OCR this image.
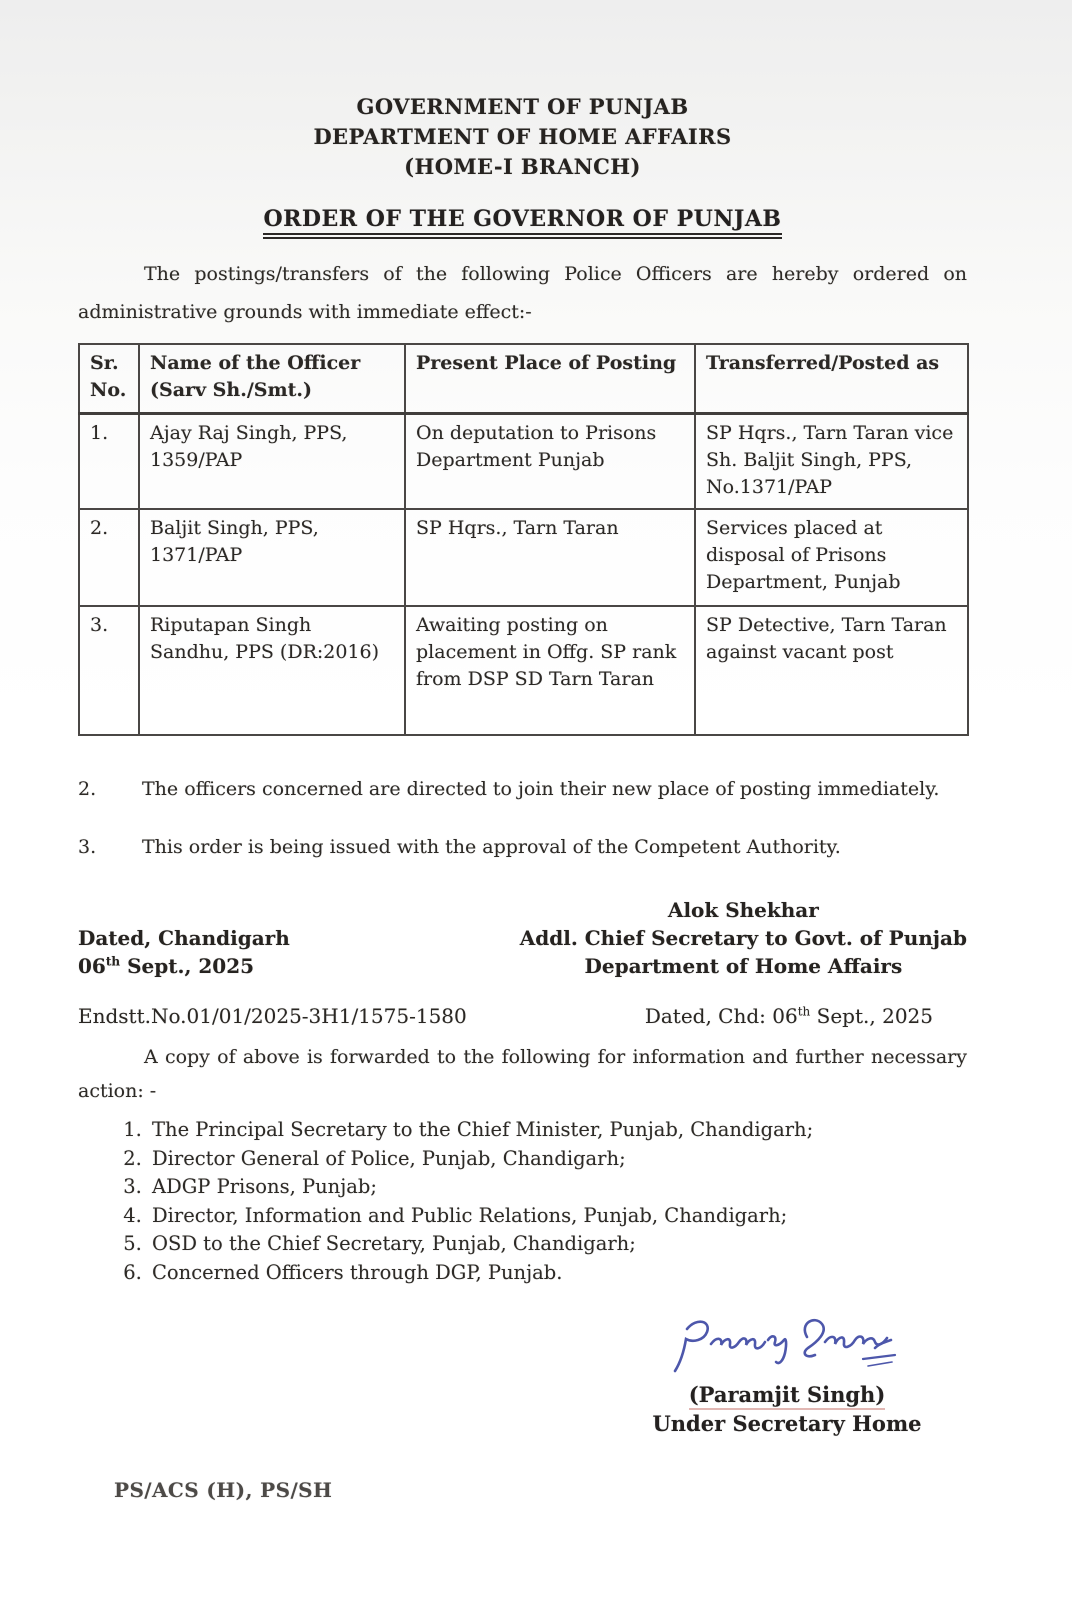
GOVERNMENT OF PUNJAB
DEPARTMENT OF HOME AFFAIRS
(HOME-I BRANCH)
ORDER OF THE GOVERNOR OF PUNJAB

The postings/transfers of the following Police Officers are hereby ordered on administrative grounds with immediate effect:-

Sr. No.	Name of the Officer (Sarv Sh./Smt.)	Present Place of Posting	Transferred/Posted as
1.	Ajay Raj Singh, PPS, 1359/PAP	On deputation to Prisons Department Punjab	SP Hqrs., Tarn Taran vice Sh. Baljit Singh, PPS, No.1371/PAP
2.	Baljit Singh, PPS, 1371/PAP	SP Hqrs., Tarn Taran	Services placed at disposal of Prisons Department, Punjab
3.	Riputapan Singh Sandhu, PPS (DR:2016)	Awaiting posting on placement in Offg. SP rank from DSP SD Tarn Taran	SP Detective, Tarn Taran against vacant post

2. The officers concerned are directed to join their new place of posting immediately.

3. This order is being issued with the approval of the Competent Authority.

Dated, Chandigarh
06th Sept., 2025
Alok Shekhar
Addl. Chief Secretary to Govt. of Punjab
Department of Home Affairs
Endstt.No.01/01/2025-3H1/1575-1580	Dated, Chd: 06th Sept., 2025

A copy of above is forwarded to the following for information and further necessary action: -

1. The Principal Secretary to the Chief Minister, Punjab, Chandigarh;
2. Director General of Police, Punjab, Chandigarh;
3. ADGP Prisons, Punjab;
4. Director, Information and Public Relations, Punjab, Chandigarh;
5. OSD to the Chief Secretary, Punjab, Chandigarh;
6. Concerned Officers through DGP, Punjab.
(Paramjit Singh)
Under Secretary Home
PS/ACS (H), PS/SH
